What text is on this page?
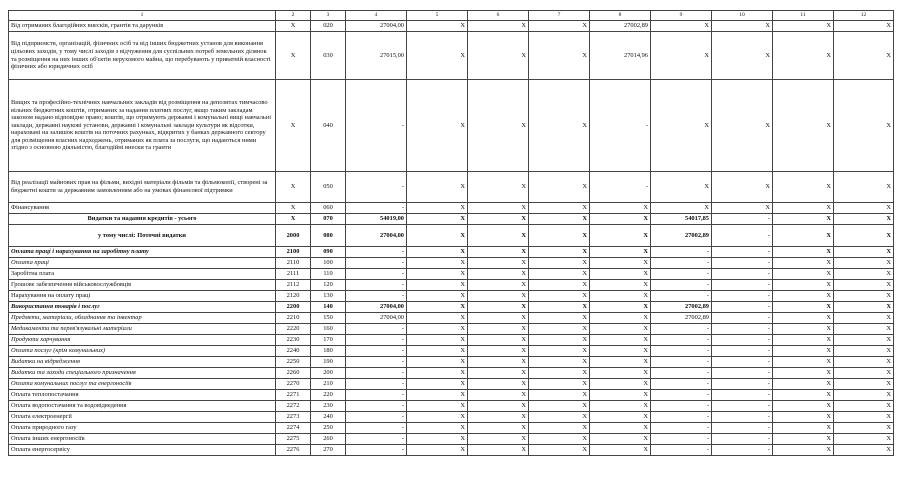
1	2	3	4	5	6	7	8	9	10	11	12
Від отриманих благодійних внесків, грантів та дарунків	X	020	27004,00	X	X	X	27002,89	X	X	X	X
Від підприємств, організацій, фізичних осіб та від інших бюджетних установ для виконання цільових заходів, у тому числі заходів з відчуження для суспільних потреб земельних ділянок та розміщення на них інших об'єктів нерухомого майна, що перебувають у приватній власності фізичних або юридичних осіб	X	030	27015,00	X	X	X	27014,96	X	X	X	X
Вищих та професійно-технічних навчальних закладів від розміщення на депозитах тимчасово вільних бюджетних коштів, отриманих за надання платних послуг, якщо таким закладам законом надано відповідне право; коштів, що отримують державні і комунальні вищі навчальні заклади, державні наукові установи, державні і комунальні заклади культури як відсотки, нараховані на залишок коштів на поточних рахунках, відкритих у банках державного сектору для розміщення власних надходжень, отриманих як плата за послуги, що надаються ними згідно з основною діяльністю, благодійні внески та гранти	X	040	-	X	X	X	-	X	X	X	X
Від реалізації майнових прав на фільми, вихідні матеріали фільмів та фільмокопії, створені за бюджетні кошти за державним замовленням або на умовах фінансової підтримки	X	050	-	X	X	X	-	X	X	X	X
Фінансування	X	060	-	X	X	X	X	X	X	X	X
Видатки та надання кредитів - усього	X	070	54019,00	X	X	X	X	54017,85	-	X	X
у тому числі: Поточні видатки	2000	080	27004,00	X	X	X	X	27002,89	-	X	X
Оплата праці і нарахування на заробітну плату	2100	090	-	X	X	X	X	-	-	X	X
Оплата праці	2110	100	-	X	X	X	X	-	-	X	X
Заробітна плата	2111	110	-	X	X	X	X	-	-	X	X
Грошове забезпечення військовослужбовців	2112	120	-	X	X	X	X	-	-	X	X
Нарахування на оплату праці	2120	130	-	X	X	X	X	-	-	X	X
Використання товарів і послуг	2200	140	27004,00	X	X	X	X	27002,89	-	X	X
Предмети, матеріали, обладнання та інвентар	2210	150	27004,00	X	X	X	X	27002,89	-	X	X
Медикаменти та перев'язувальні матеріали	2220	160	-	X	X	X	X	-	-	X	X
Продукти харчування	2230	170	-	X	X	X	X	-	-	X	X
Оплата послуг (крім комунальних)	2240	180	-	X	X	X	X	-	-	X	X
Видатки на відрядження	2250	190	-	X	X	X	X	-	-	X	X
Видатки та заходи спеціального призначення	2260	200	-	X	X	X	X	-	-	X	X
Оплата комунальних послуг та енергоносіїв	2270	210	-	X	X	X	X	-	-	X	X
Оплата теплопостачання	2271	220	-	X	X	X	X	-	-	X	X
Оплата водопостачання та водовідведення	2272	230	-	X	X	X	X	-	-	X	X
Оплата електроенергії	2273	240	-	X	X	X	X	-	-	X	X
Оплата природного газу	2274	250	-	X	X	X	X	-	-	X	X
Оплата інших енергоносіїв	2275	260	-	X	X	X	X	-	-	X	X
Оплата енергосервісу	2276	270	-	X	X	X	X	-	-	X	X
